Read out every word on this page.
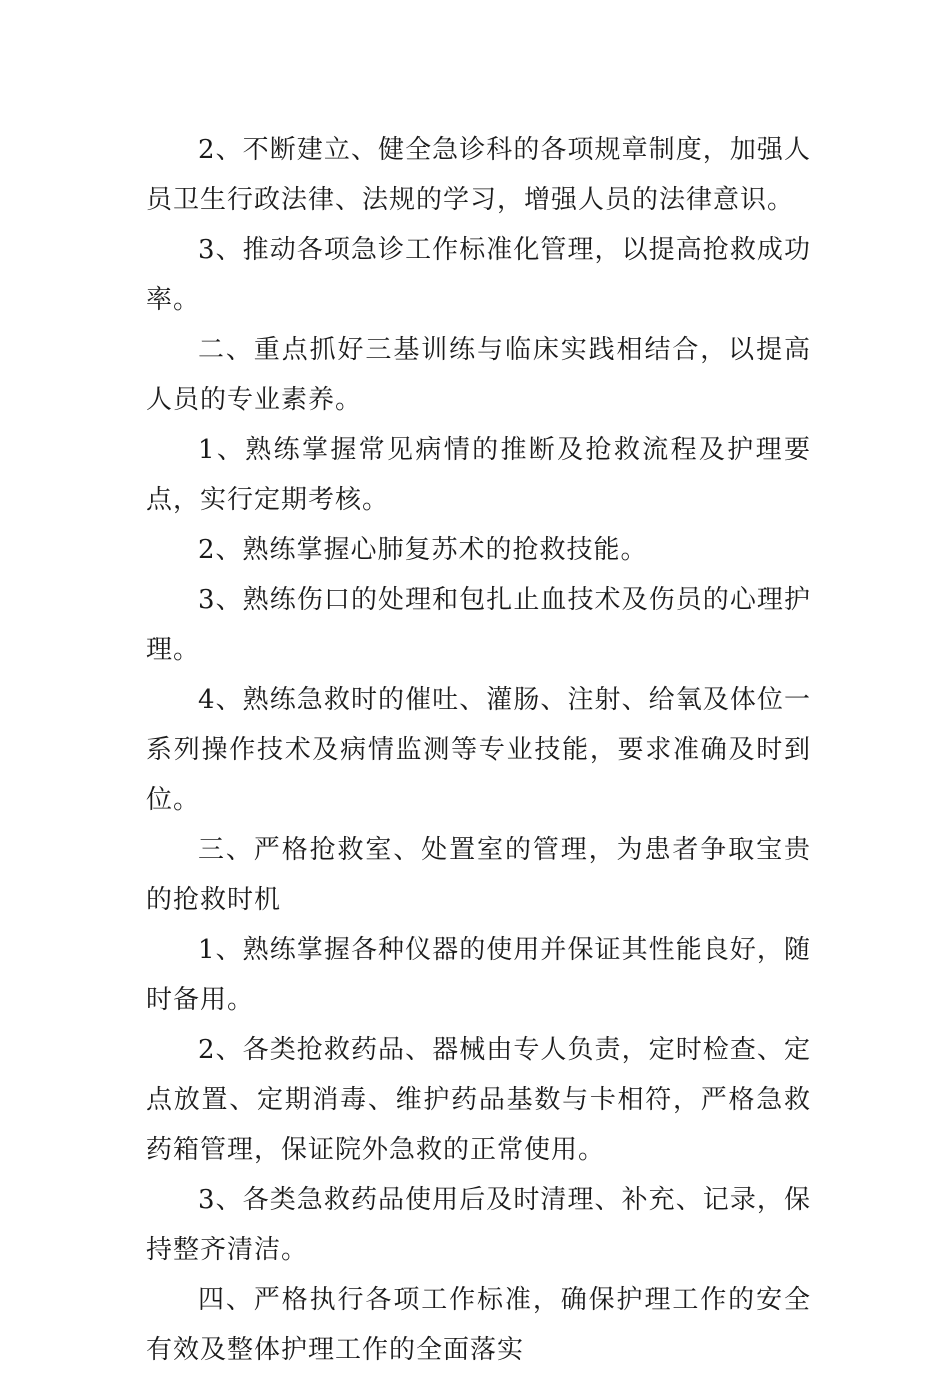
2、不断建立、健全急诊科的各项规章制度，加强人员卫生行政法律、法规的学习，增强人员的法律意识。

3、推动各项急诊工作标准化管理，以提高抢救成功率。

二、重点抓好三基训练与临床实践相结合，以提高人员的专业素养。

1、熟练掌握常见病情的推断及抢救流程及护理要点，实行定期考核。

2、熟练掌握心肺复苏术的抢救技能。

3、熟练伤口的处理和包扎止血技术及伤员的心理护理。

4、熟练急救时的催吐、灌肠、注射、给氧及体位一系列操作技术及病情监测等专业技能，要求准确及时到位。

三、严格抢救室、处置室的管理，为患者争取宝贵的抢救时机

1、熟练掌握各种仪器的使用并保证其性能良好，随时备用。

2、各类抢救药品、器械由专人负责，定时检查、定点放置、定期消毒、维护药品基数与卡相符，严格急救药箱管理，保证院外急救的正常使用。

3、各类急救药品使用后及时清理、补充、记录，保持整齐清洁。

四、严格执行各项工作标准，确保护理工作的安全有效及整体护理工作的全面落实
